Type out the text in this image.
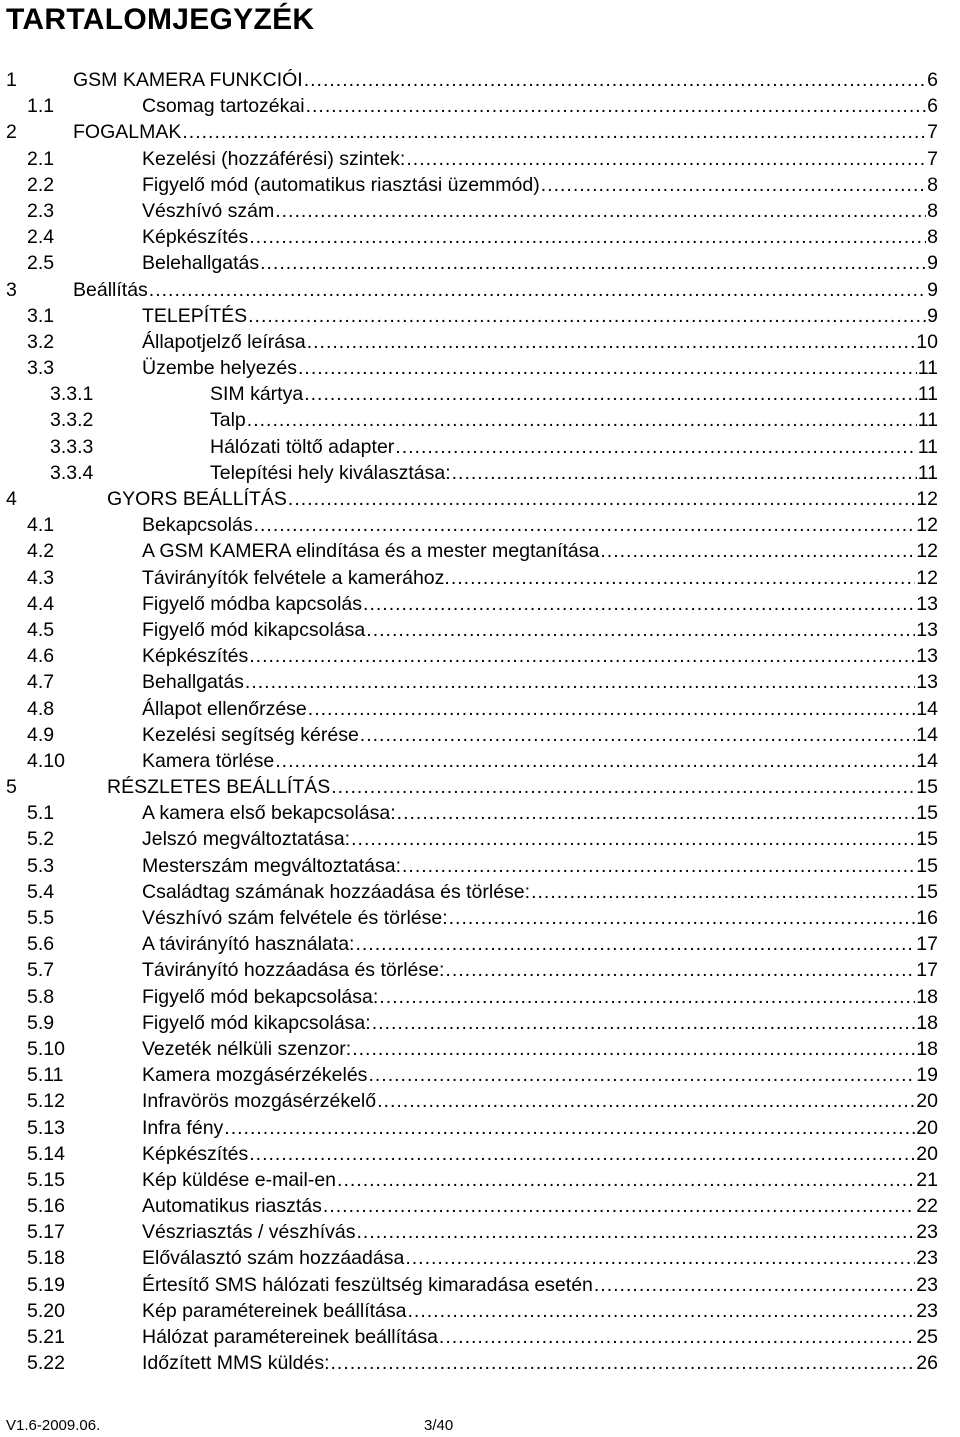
TARTALOMJEGYZÉK
1	GSM KAMERA FUNKCIÓI .....	6
1.1	Csomag tartozékai .....	6
2	FOGALMAK .....	7
2.1	Kezelési (hozzáférési) szintek: .....	7
2.2	Figyelő mód (automatikus riasztási üzemmód) .....	8
2.3	Vészhívó szám .....	8
2.4	Képkészítés .....	8
2.5	Belehallgatás .....	9
3	Beállítás .....	9
3.1	TELEPÍTÉS .....	9
3.2	Állapotjelző leírása .....	10
3.3	Üzembe helyezés .....	11
3.3.1	SIM kártya .....	11
3.3.2	Talp .....	11
3.3.3	Hálózati töltő adapter .....	11
3.3.4	Telepítési hely kiválasztása: .....	11
4	GYORS BEÁLLÍTÁS .....	12
4.1	Bekapcsolás .....	12
4.2	A GSM KAMERA elindítása és a mester megtanítása .....	12
4.3	Távirányítók felvétele a kamerához. .....	12
4.4	Figyelő módba kapcsolás .....	13
4.5	Figyelő mód kikapcsolása .....	13
4.6	Képkészítés .....	13
4.7	Behallgatás .....	13
4.8	Állapot ellenőrzése .....	14
4.9	Kezelési segítség kérése .....	14
4.10	Kamera törlése .....	14
5	RÉSZLETES BEÁLLÍTÁS .....	15
5.1	A kamera első bekapcsolása: .....	15
5.2	Jelszó megváltoztatása: .....	15
5.3	Mesterszám megváltoztatása: .....	15
5.4	Családtag számának hozzáadása és törlése: .....	15
5.5	Vészhívó szám felvétele és törlése: .....	16
5.6	A távirányító használata: .....	17
5.7	Távirányító hozzáadása és törlése: .....	17
5.8	Figyelő mód bekapcsolása: .....	18
5.9	Figyelő mód kikapcsolása: .....	18
5.10	Vezeték nélküli szenzor: .....	18
5.11	Kamera mozgásérzékelés .....	19
5.12	Infravörös mozgásérzékelő .....	20
5.13	Infra fény .....	20
5.14	Képkészítés .....	20
5.15	Kép küldése e-mail-en .....	21
5.16	Automatikus riasztás .....	22
5.17	Vészriasztás / vészhívás .....	23
5.18	Előválasztó szám hozzáadása .....	23
5.19	Értesítő SMS hálózati feszültség kimaradása esetén .....	23
5.20	Kép paramétereinek beállítása .....	23
5.21	Hálózat paramétereinek beállítása .....	25
5.22	Időzített MMS küldés: .....	26
V1.6-2009.06.	3/40
